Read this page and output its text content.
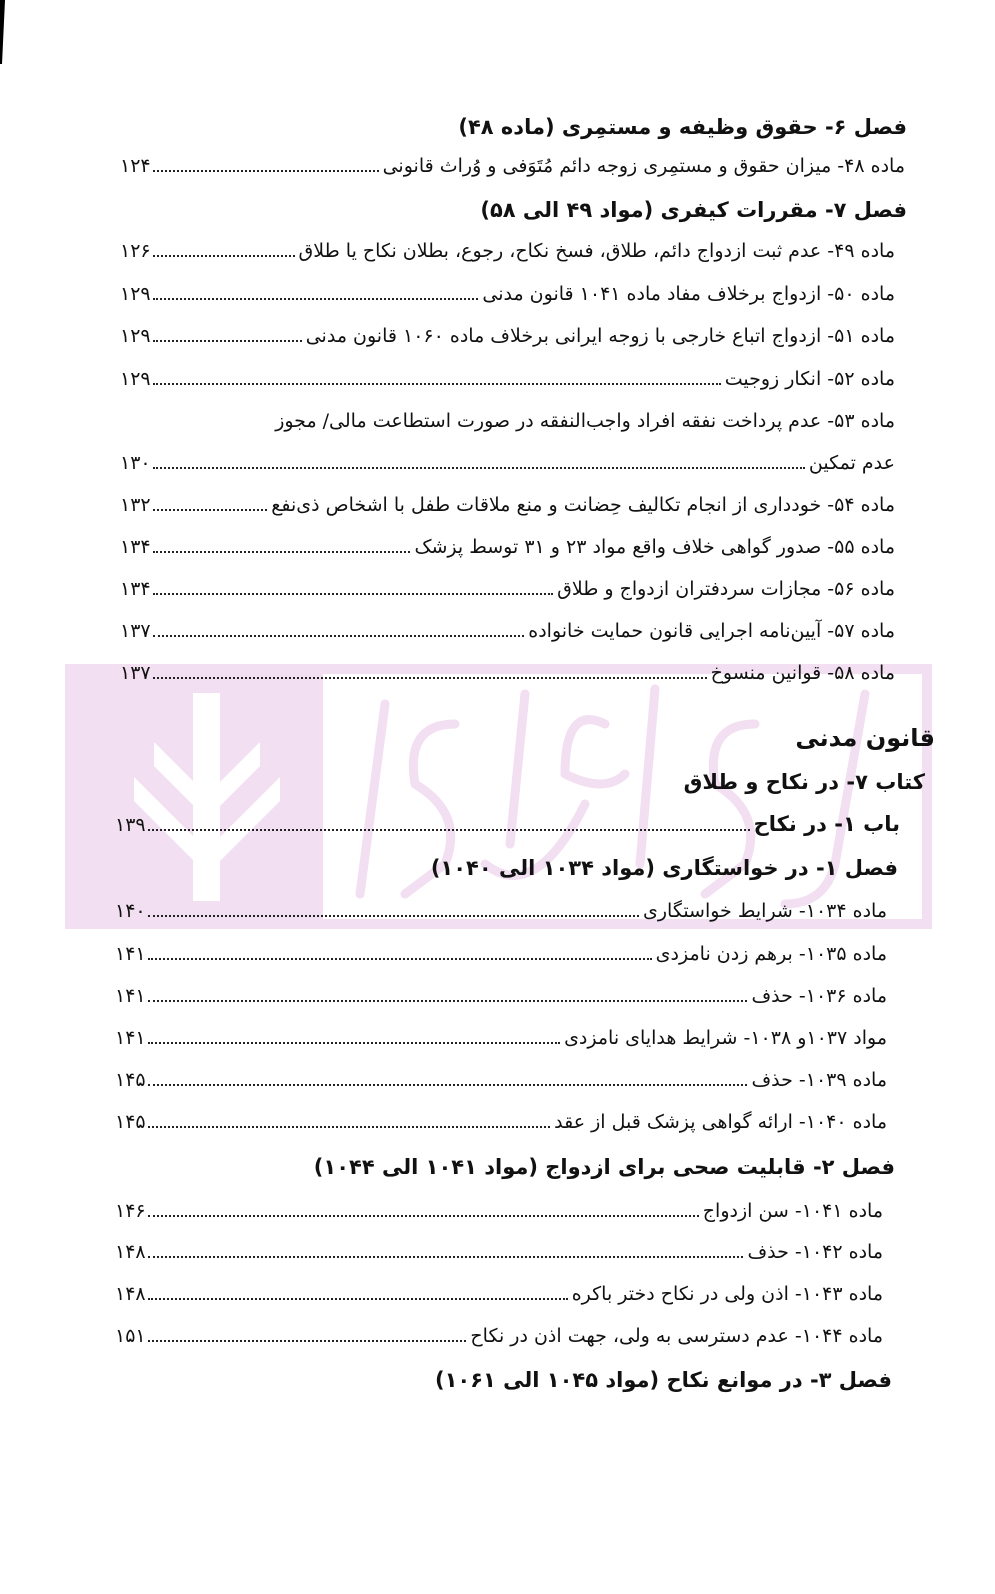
فصل ۶- حقوق وظیفه و مستمِری (ماده ۴۸)
ماده ۴۸- میزان حقوق و مستمِری زوجه دائم مُتَوَفی و وُراث قانونی
۱۲۴
فصل ۷- مقررات کیفری (مواد ۴۹ الی ۵۸)
ماده ۴۹- عدم ثبت ازدواج دائم، طلاق، فسخ نکاح، رجوع، بطلان نکاح یا طلاق
۱۲۶
ماده ۵۰- ازدواج برخلاف مفاد ماده ۱۰۴۱ قانون مدنی
۱۲۹
ماده ۵۱- ازدواج اتباع خارجی با زوجه ایرانی برخلاف ماده ۱۰۶۰ قانون مدنی
۱۲۹
ماده ۵۲- انکار زوجیت
۱۲۹
ماده ۵۳- عدم پرداخت نفقه افراد واجب‌النفقه در صورت استطاعت مالی/ مجوز
عدم تمکین
۱۳۰
ماده ۵۴- خودداری از انجام تکالیف حِضانت و منع ملاقات طفل با اشخاص ذی‌نفع
۱۳۲
ماده ۵۵- صدور گواهی خلاف واقع مواد ۲۳ و ۳۱ توسط پزشک
۱۳۴
ماده ۵۶- مجازات سردفتران ازدواج و طلاق
۱۳۴
ماده ۵۷- آیین‌نامه اجرایی قانون حمایت خانواده
۱۳۷
ماده ۵۸- قوانین منسوخ
۱۳۷
قانون مدنی
کتاب ۷- در نکاح و طلاق
باب ۱- در نکاح
۱۳۹
فصل ۱- در خواستگاری (مواد ۱۰۳۴ الی ۱۰۴۰)
ماده ۱۰۳۴- شرایط خواستگاری
۱۴۰
ماده ۱۰۳۵- برهم زدن نامزدی
۱۴۱
ماده ۱۰۳۶- حذف
۱۴۱
مواد ۱۰۳۷و ۱۰۳۸- شرایط هدایای نامزدی
۱۴۱
ماده ۱۰۳۹- حذف
۱۴۵
ماده ۱۰۴۰- ارائه گواهی پزشک قبل از عقد
۱۴۵
فصل ۲- قابلیت صحی برای ازدواج (مواد ۱۰۴۱ الی ۱۰۴۴)
ماده ۱۰۴۱- سن ازدواج
۱۴۶
ماده ۱۰۴۲- حذف
۱۴۸
ماده ۱۰۴۳- اذن ولی در نکاح دختر باکره
۱۴۸
ماده ۱۰۴۴- عدم دسترسی به ولی، جهت اذن در نکاح
۱۵۱
فصل ۳- در موانع نکاح (مواد ۱۰۴۵ الی ۱۰۶۱)
